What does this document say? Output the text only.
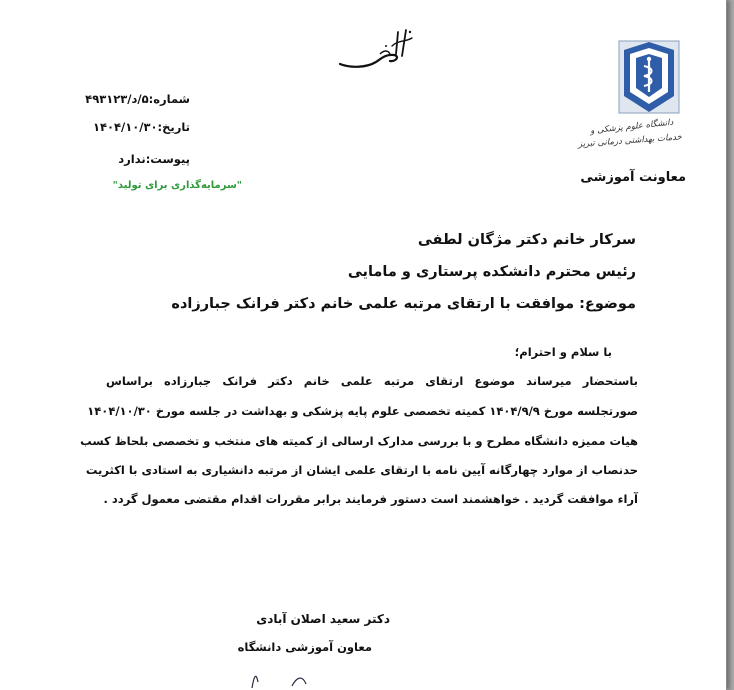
شماره:۵/د/۴۹۳۱۲۳
تاریخ:۱۴۰۴/۱۰/۳۰
پیوست:ندارد
"سرمایه‌گذاری برای تولید"
دانشگاه علوم پزشکی و
خدمات بهداشتی درمانی تبریز
معاونت آموزشی
سرکار خانم دکتر مژگان لطفی
رئیس محترم دانشکده پرستاری و مامایی
موضوع: موافقت با ارتقای مرتبه علمی خانم دکتر فرانک جبارزاده
با سلام و احترام؛
باستحضار میرساند موضوع ارتقای مرتبه علمی خانم دکتر فرانک جبارزاده براساس
صورتجلسه مورخ ۱۴۰۴/۹/۹ کمیته تخصصی علوم پایه پزشکی و بهداشت در جلسه مورخ ۱۴۰۴/۱۰/۳۰
هیات ممیزه دانشگاه مطرح و با بررسی مدارک ارسالی از کمیته های منتخب و تخصصی بلحاظ کسب
حدنصاب از موارد چهارگانه آیین نامه با ارتقای علمی ایشان از مرتبه دانشیاری به استادی با اکثریت
آراء موافقت گردید . خواهشمند است دستور فرمایند برابر مقررات اقدام مقتضی معمول گردد .
دکتر سعید اصلان آبادی
معاون آموزشی دانشگاه
